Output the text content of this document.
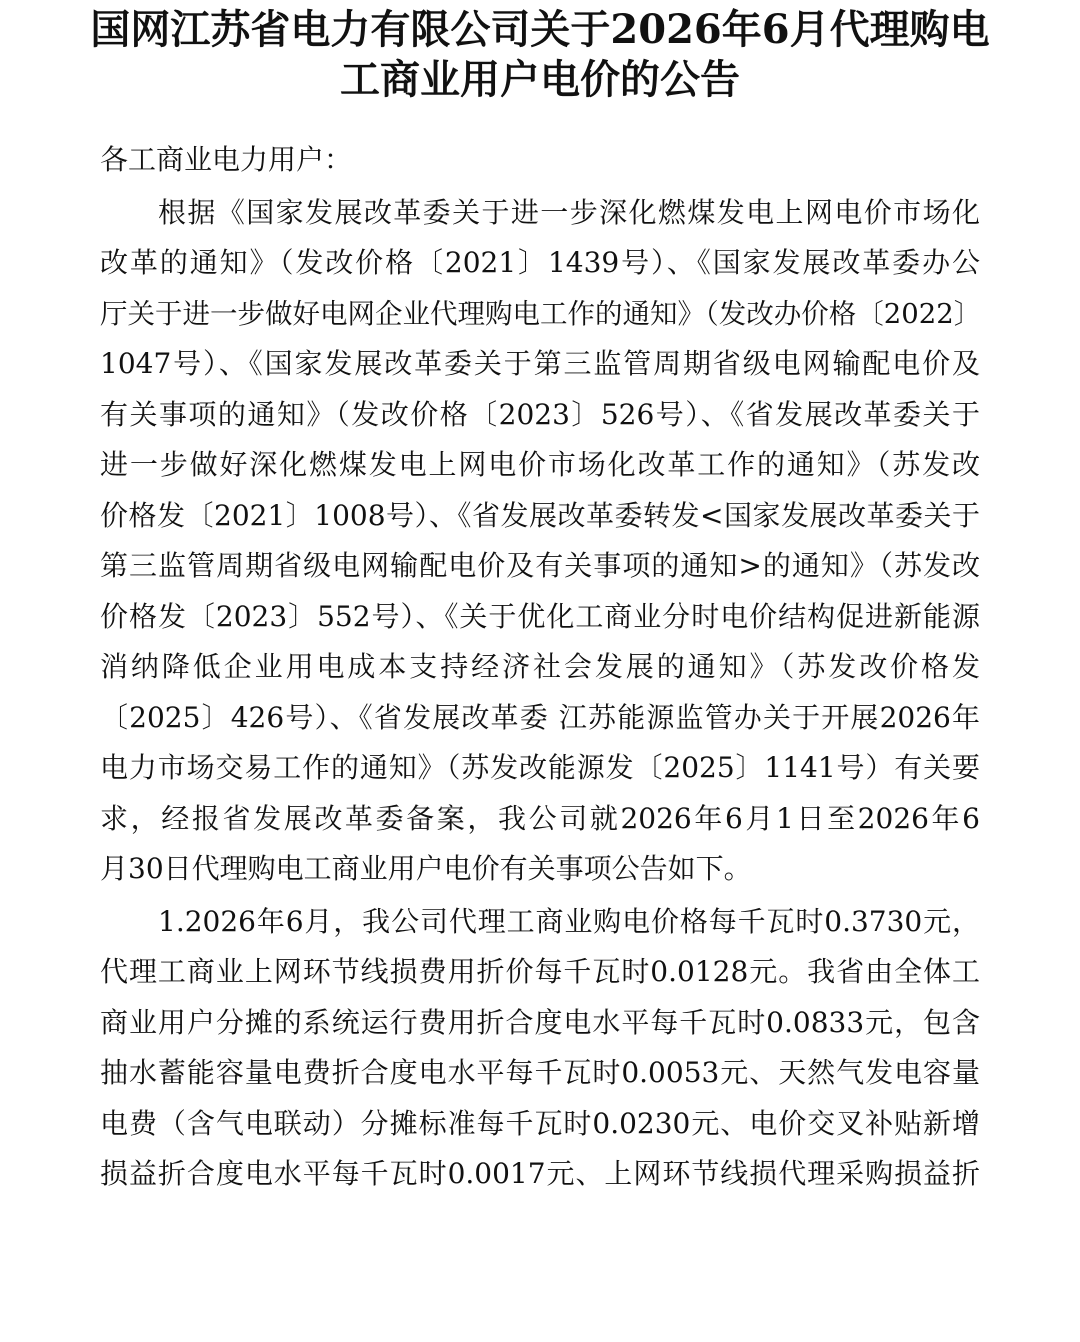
国网江苏省电力有限公司关于2026年6月代理购电
工商业用户电价的公告
各工商业电力用户：
根据《国家发展改革委关于进一步深化燃煤发电上网电价市场化
改革的通知》（发改价格〔2021〕1439号）、《国家发展改革委办公
厅关于进一步做好电网企业代理购电工作的通知》（发改办价格〔2022〕
1047号）、《国家发展改革委关于第三监管周期省级电网输配电价及
有关事项的通知》（发改价格〔2023〕526号）、《省发展改革委关于
进一步做好深化燃煤发电上网电价市场化改革工作的通知》（苏发改
价格发〔2021〕1008号）、《省发展改革委转发<国家发展改革委关于
第三监管周期省级电网输配电价及有关事项的通知>的通知》（苏发改
价格发〔2023〕552号）、《关于优化工商业分时电价结构促进新能源
消纳降低企业用电成本支持经济社会发展的通知》（苏发改价格发
〔2025〕426号）、《省发展改革委 江苏能源监管办关于开展2026年
电力市场交易工作的通知》（苏发改能源发〔2025〕1141号）有关要
求，经报省发展改革委备案，我公司就2026年6月1日至2026年6
月30日代理购电工商业用户电价有关事项公告如下。
1.2026年6月，我公司代理工商业购电价格每千瓦时0.3730元，
代理工商业上网环节线损费用折价每千瓦时0.0128元。我省由全体工
商业用户分摊的系统运行费用折合度电水平每千瓦时0.0833元，包含
抽水蓄能容量电费折合度电水平每千瓦时0.0053元、天然气发电容量
电费（含气电联动）分摊标准每千瓦时0.0230元、电价交叉补贴新增
损益折合度电水平每千瓦时0.0017元、上网环节线损代理采购损益折
